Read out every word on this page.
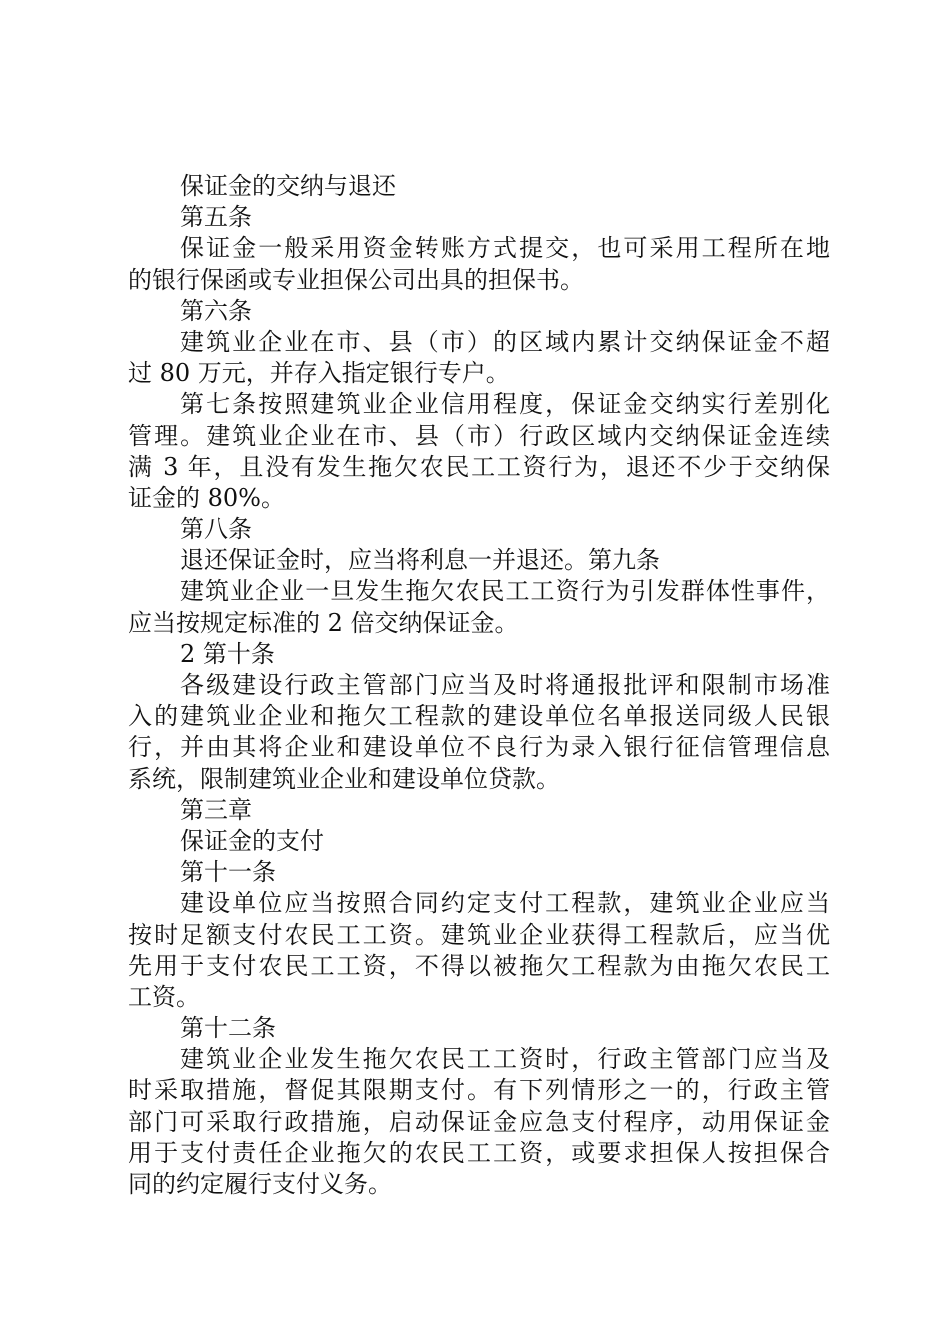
保证金的交纳与退还
第五条
保证金一般采用资金转账方式提交，也可采用工程所在地
的银行保函或专业担保公司出具的担保书。
第六条
建筑业企业在市、县（市）的区域内累计交纳保证金不超
过 80 万元，并存入指定银行专户。
第七条按照建筑业企业信用程度，保证金交纳实行差别化
管理。建筑业企业在市、县（市）行政区域内交纳保证金连续
满 3 年，且没有发生拖欠农民工工资行为，退还不少于交纳保
证金的 80%。
第八条
退还保证金时，应当将利息一并退还。第九条
建筑业企业一旦发生拖欠农民工工资行为引发群体性事件，
应当按规定标准的 2 倍交纳保证金。
2 第十条
各级建设行政主管部门应当及时将通报批评和限制市场准
入的建筑业企业和拖欠工程款的建设单位名单报送同级人民银
行，并由其将企业和建设单位不良行为录入银行征信管理信息
系统，限制建筑业企业和建设单位贷款。
第三章
保证金的支付
第十一条
建设单位应当按照合同约定支付工程款，建筑业企业应当
按时足额支付农民工工资。建筑业企业获得工程款后，应当优
先用于支付农民工工资，不得以被拖欠工程款为由拖欠农民工
工资。
第十二条
建筑业企业发生拖欠农民工工资时，行政主管部门应当及
时采取措施，督促其限期支付。有下列情形之一的，行政主管
部门可采取行政措施，启动保证金应急支付程序，动用保证金
用于支付责任企业拖欠的农民工工资，或要求担保人按担保合
同的约定履行支付义务。
